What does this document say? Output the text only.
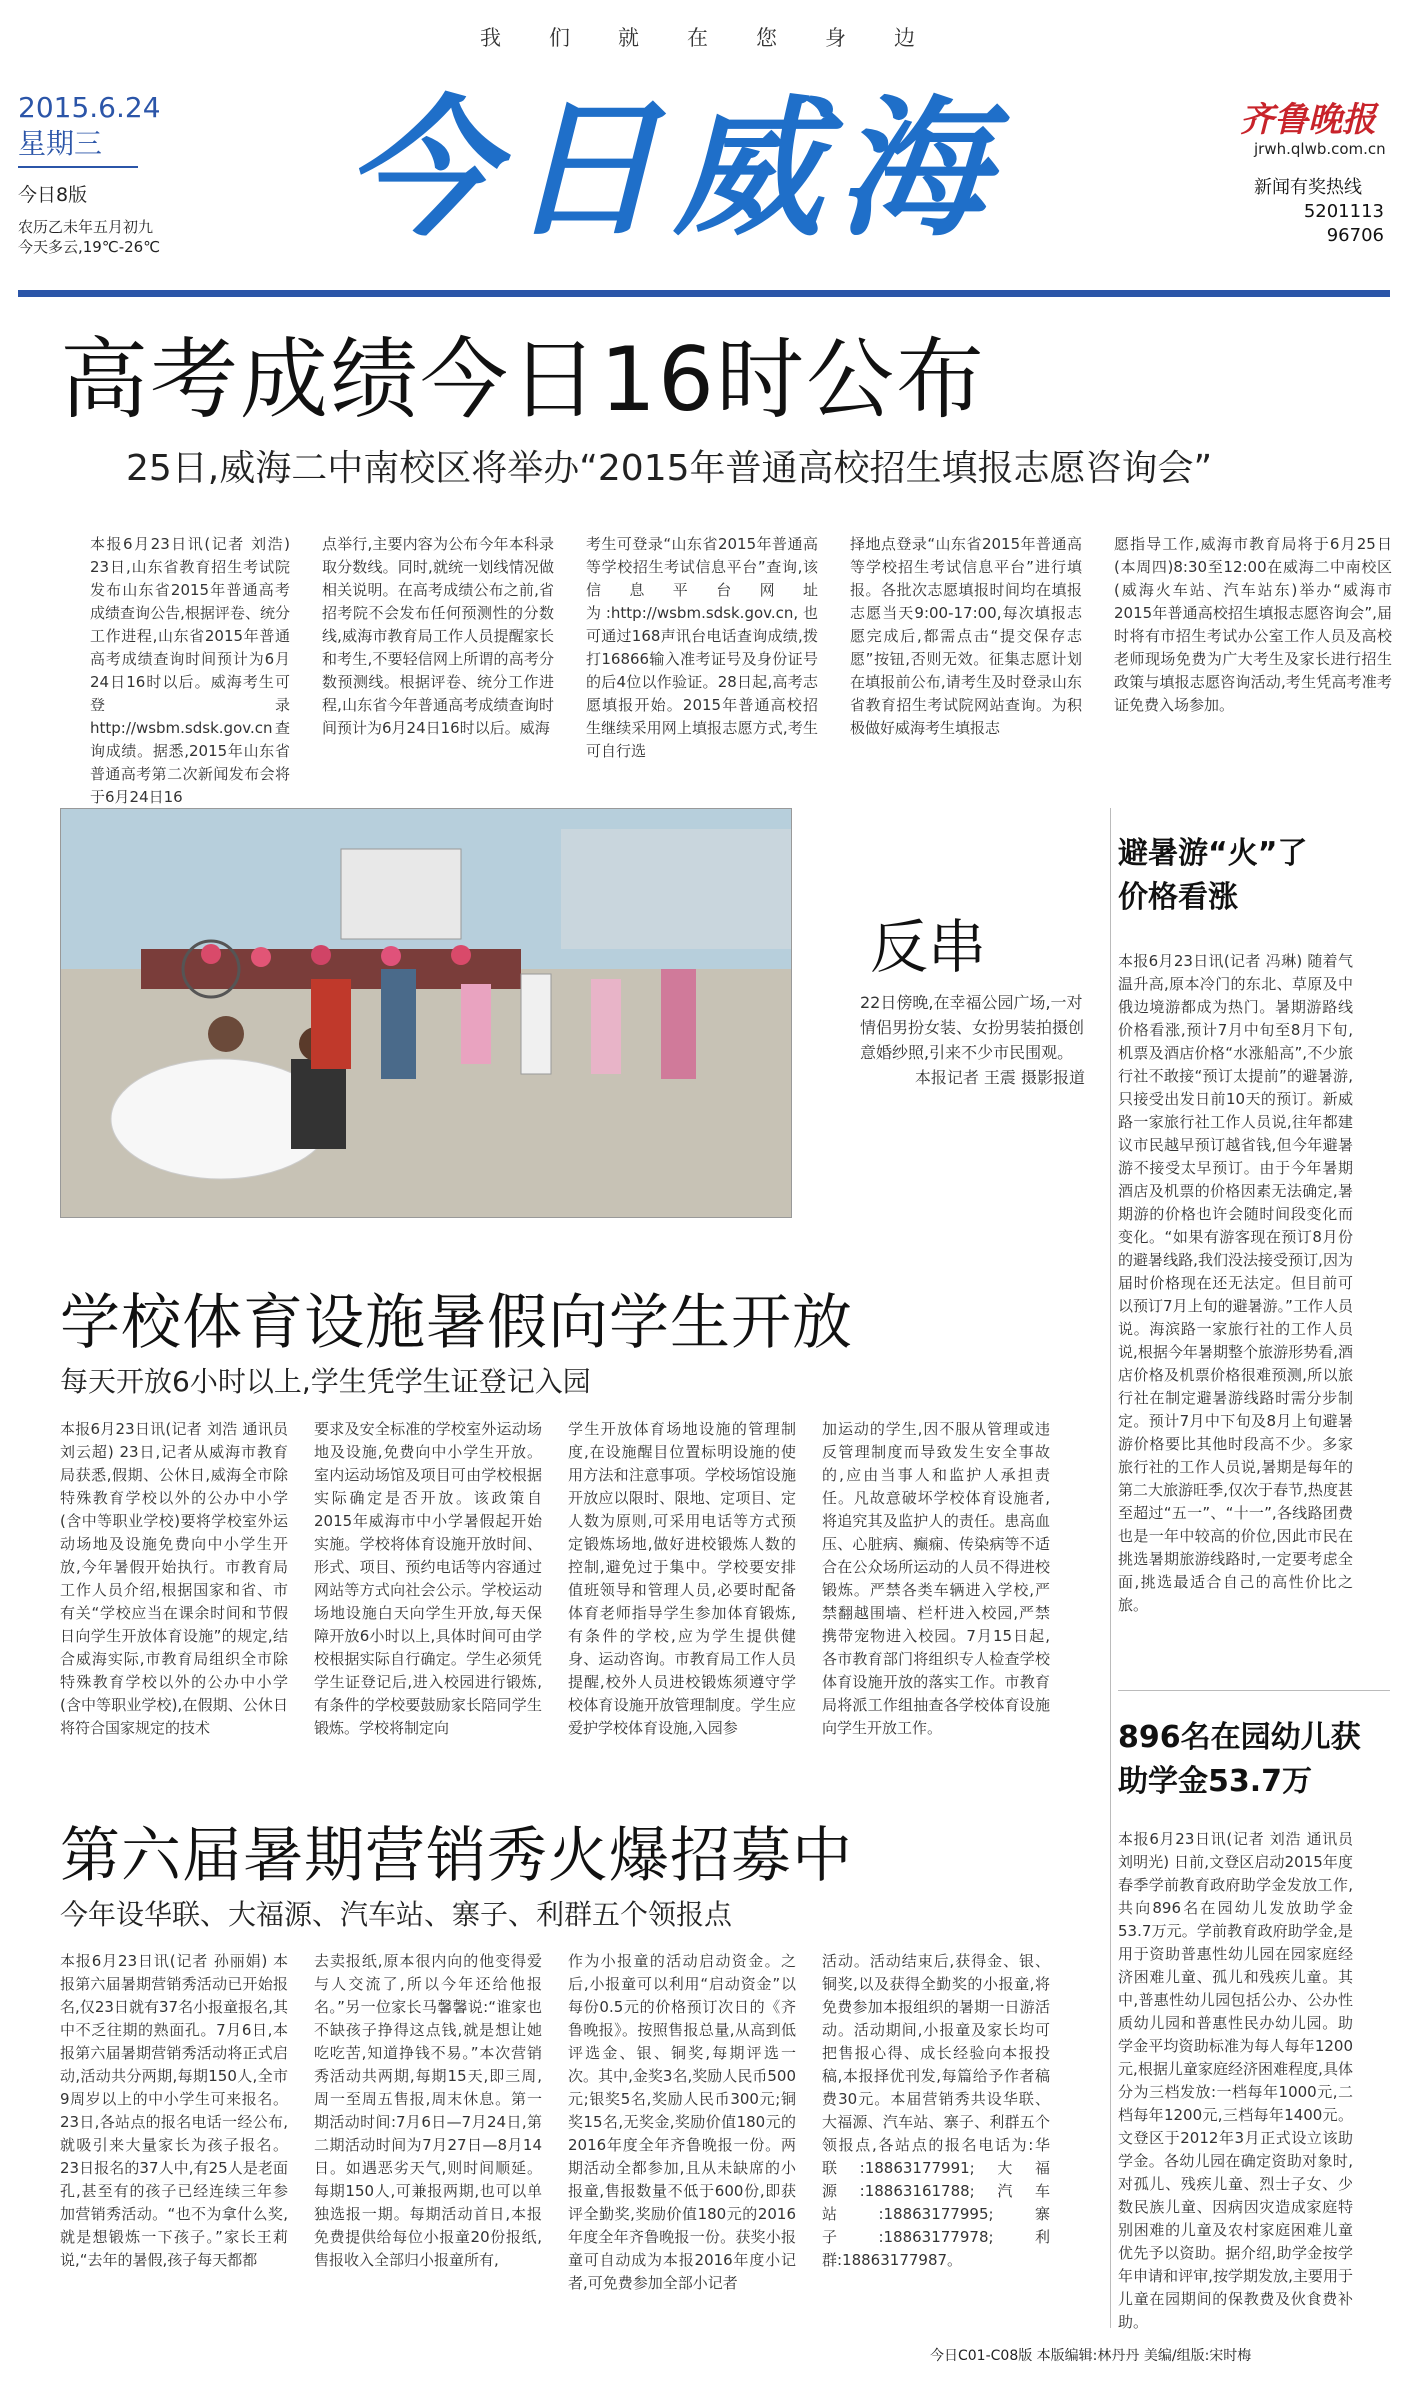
我们就在您身边
2015.6.24
星期三
今日8版
农历乙未年五月初九
今天多云,19℃-26℃ 今日威海	齐鲁晚报
jrwh.qlwb.com.cn
新闻有奖热线
5201113
96706
高考成绩今日16时公布
25日,威海二中南校区将举办“2015年普通高校招生填报志愿咨询会”
本报6月23日讯(记者 刘浩) 23日,山东省教育招生考试院发布山东省2015年普通高考成绩查询公告,根据评卷、统分工作进程,山东省2015年普通高考成绩查询时间预计为6月24日16时以后。威海考生可登录http://wsbm.sdsk.gov.cn查询成绩。据悉,2015年山东省普通高考第二次新闻发布会将于6月24日16
点举行,主要内容为公布今年本科录取分数线。同时,就统一划线情况做相关说明。在高考成绩公布之前,省招考院不会发布任何预测性的分数线,威海市教育局工作人员提醒家长和考生,不要轻信网上所谓的高考分数预测线。根据评卷、统分工作进程,山东省今年普通高考成绩查询时间预计为6月24日16时以后。威海
考生可登录“山东省2015年普通高等学校招生考试信息平台”查询,该信息平台网址为:http://wsbm.sdsk.gov.cn,也可通过168声讯台电话查询成绩,拨打16866输入准考证号及身份证号的后4位以作验证。28日起,高考志愿填报开始。2015年普通高校招生继续采用网上填报志愿方式,考生可自行选
择地点登录“山东省2015年普通高等学校招生考试信息平台”进行填报。各批次志愿填报时间均在填报志愿当天9:00-17:00,每次填报志愿完成后,都需点击“提交保存志愿”按钮,否则无效。征集志愿计划在填报前公布,请考生及时登录山东省教育招生考试院网站查询。为积极做好威海考生填报志
愿指导工作,威海市教育局将于6月25日(本周四)8:30至12:00在威海二中南校区(威海火车站、汽车站东)举办“威海市2015年普通高校招生填报志愿咨询会”,届时将有市招生考试办公室工作人员及高校老师现场免费为广大考生及家长进行招生政策与填报志愿咨询活动,考生凭高考准考证免费入场参加。
反串
22日傍晚,在幸福公园广场,一对情侣男扮女装、女扮男装拍摄创意婚纱照,引来不少市民围观。
本报记者 王震 摄影报道
学校体育设施暑假向学生开放
每天开放6小时以上,学生凭学生证登记入园
本报6月23日讯(记者 刘浩 通讯员 刘云超) 23日,记者从威海市教育局获悉,假期、公休日,威海全市除特殊教育学校以外的公办中小学(含中等职业学校)要将学校室外运动场地及设施免费向中小学生开放,今年暑假开始执行。市教育局工作人员介绍,根据国家和省、市有关“学校应当在课余时间和节假日向学生开放体育设施”的规定,结合威海实际,市教育局组织全市除特殊教育学校以外的公办中小学(含中等职业学校),在假期、公休日将符合国家规定的技术
要求及安全标准的学校室外运动场地及设施,免费向中小学生开放。室内运动场馆及项目可由学校根据实际确定是否开放。该政策自2015年威海市中小学暑假起开始实施。学校将体育设施开放时间、形式、项目、预约电话等内容通过网站等方式向社会公示。学校运动场地设施白天向学生开放,每天保障开放6小时以上,具体时间可由学校根据实际自行确定。学生必须凭学生证登记后,进入校园进行锻炼,有条件的学校要鼓励家长陪同学生锻炼。学校将制定向
学生开放体育场地设施的管理制度,在设施醒目位置标明设施的使用方法和注意事项。学校场馆设施开放应以限时、限地、定项目、定人数为原则,可采用电话等方式预定锻炼场地,做好进校锻炼人数的控制,避免过于集中。学校要安排值班领导和管理人员,必要时配备体育老师指导学生参加体育锻炼,有条件的学校,应为学生提供健身、运动咨询。市教育局工作人员提醒,校外人员进校锻炼须遵守学校体育设施开放管理制度。学生应爱护学校体育设施,入园参
加运动的学生,因不服从管理或违反管理制度而导致发生安全事故的,应由当事人和监护人承担责任。凡故意破坏学校体育设施者,将追究其及监护人的责任。患高血压、心脏病、癫痫、传染病等不适合在公众场所运动的人员不得进校锻炼。严禁各类车辆进入学校,严禁翻越围墙、栏杆进入校园,严禁携带宠物进入校园。7月15日起,各市教育部门将组织专人检查学校体育设施开放的落实工作。市教育局将派工作组抽查各学校体育设施向学生开放工作。
第六届暑期营销秀火爆招募中
今年设华联、大福源、汽车站、寨子、利群五个领报点
本报6月23日讯(记者 孙丽娟) 本报第六届暑期营销秀活动已开始报名,仅23日就有37名小报童报名,其中不乏往期的熟面孔。7月6日,本报第六届暑期营销秀活动将正式启动,活动共分两期,每期150人,全市9周岁以上的中小学生可来报名。23日,各站点的报名电话一经公布,就吸引来大量家长为孩子报名。23日报名的37人中,有25人是老面孔,甚至有的孩子已经连续三年参加营销秀活动。“也不为拿什么奖,就是想锻炼一下孩子。”家长王莉说,“去年的暑假,孩子每天都都
去卖报纸,原本很内向的他变得爱与人交流了,所以今年还给他报名。”另一位家长马馨馨说:“谁家也不缺孩子挣得这点钱,就是想让她吃吃苦,知道挣钱不易。”本次营销秀活动共两期,每期15天,即三周,周一至周五售报,周末休息。第一期活动时间:7月6日—7月24日,第二期活动时间为7月27日—8月14日。如遇恶劣天气,则时间顺延。每期150人,可兼报两期,也可以单独选报一期。每期活动首日,本报免费提供给每位小报童20份报纸,售报收入全部归小报童所有,
作为小报童的活动启动资金。之后,小报童可以利用“启动资金”以每份0.5元的价格预订次日的《齐鲁晚报》。按照售报总量,从高到低评选金、银、铜奖,每期评选一次。其中,金奖3名,奖励人民币500元;银奖5名,奖励人民币300元;铜奖15名,无奖金,奖励价值180元的2016年度全年齐鲁晚报一份。两期活动全都参加,且从未缺席的小报童,售报数量不低于600份,即获评全勤奖,奖励价值180元的2016年度全年齐鲁晚报一份。获奖小报童可自动成为本报2016年度小记者,可免费参加全部小记者
活动。活动结束后,获得金、银、铜奖,以及获得全勤奖的小报童,将免费参加本报组织的暑期一日游活动。活动期间,小报童及家长均可把售报心得、成长经验向本报投稿,本报择优刊发,每篇给予作者稿费30元。本届营销秀共设华联、大福源、汽车站、寨子、利群五个领报点,各站点的报名电话为:华联:18863177991;大福源:18863161788;汽车站:18863177995;寨子:18863177978;利群:18863177987。
避暑游“火”了价格看涨
本报6月23日讯(记者 冯琳) 随着气温升高,原本冷门的东北、草原及中俄边境游都成为热门。暑期游路线价格看涨,预计7月中旬至8月下旬,机票及酒店价格“水涨船高”,不少旅行社不敢接“预订太提前”的避暑游,只接受出发日前10天的预订。新威路一家旅行社工作人员说,往年都建议市民越早预订越省钱,但今年避暑游不接受太早预订。由于今年暑期酒店及机票的价格因素无法确定,暑期游的价格也许会随时间段变化而变化。“如果有游客现在预订8月份的避暑线路,我们没法接受预订,因为届时价格现在还无法定。但目前可以预订7月上旬的避暑游。”工作人员说。海滨路一家旅行社的工作人员说,根据今年暑期整个旅游形势看,酒店价格及机票价格很难预测,所以旅行社在制定避暑游线路时需分步制定。预计7月中下旬及8月上旬避暑游价格要比其他时段高不少。多家旅行社的工作人员说,暑期是每年的第二大旅游旺季,仅次于春节,热度甚至超过“五一”、“十一”,各线路团费也是一年中较高的价位,因此市民在挑选暑期旅游线路时,一定要考虑全面,挑选最适合自己的高性价比之旅。
896名在园幼儿获助学金53.7万
本报6月23日讯(记者 刘浩 通讯员 刘明光) 日前,文登区启动2015年度春季学前教育政府助学金发放工作,共向896名在园幼儿发放助学金53.7万元。学前教育政府助学金,是用于资助普惠性幼儿园在园家庭经济困难儿童、孤儿和残疾儿童。其中,普惠性幼儿园包括公办、公办性质幼儿园和普惠性民办幼儿园。助学金平均资助标准为每人每年1200元,根据儿童家庭经济困难程度,具体分为三档发放:一档每年1000元,二档每年1200元,三档每年1400元。文登区于2012年3月正式设立该助学金。各幼儿园在确定资助对象时,对孤儿、残疾儿童、烈士子女、少数民族儿童、因病因灾造成家庭特别困难的儿童及农村家庭困难儿童优先予以资助。据介绍,助学金按学年申请和评审,按学期发放,主要用于儿童在园期间的保教费及伙食费补助。
今日C01-C08版 本版编辑:林丹丹 美编/组版:宋时梅
